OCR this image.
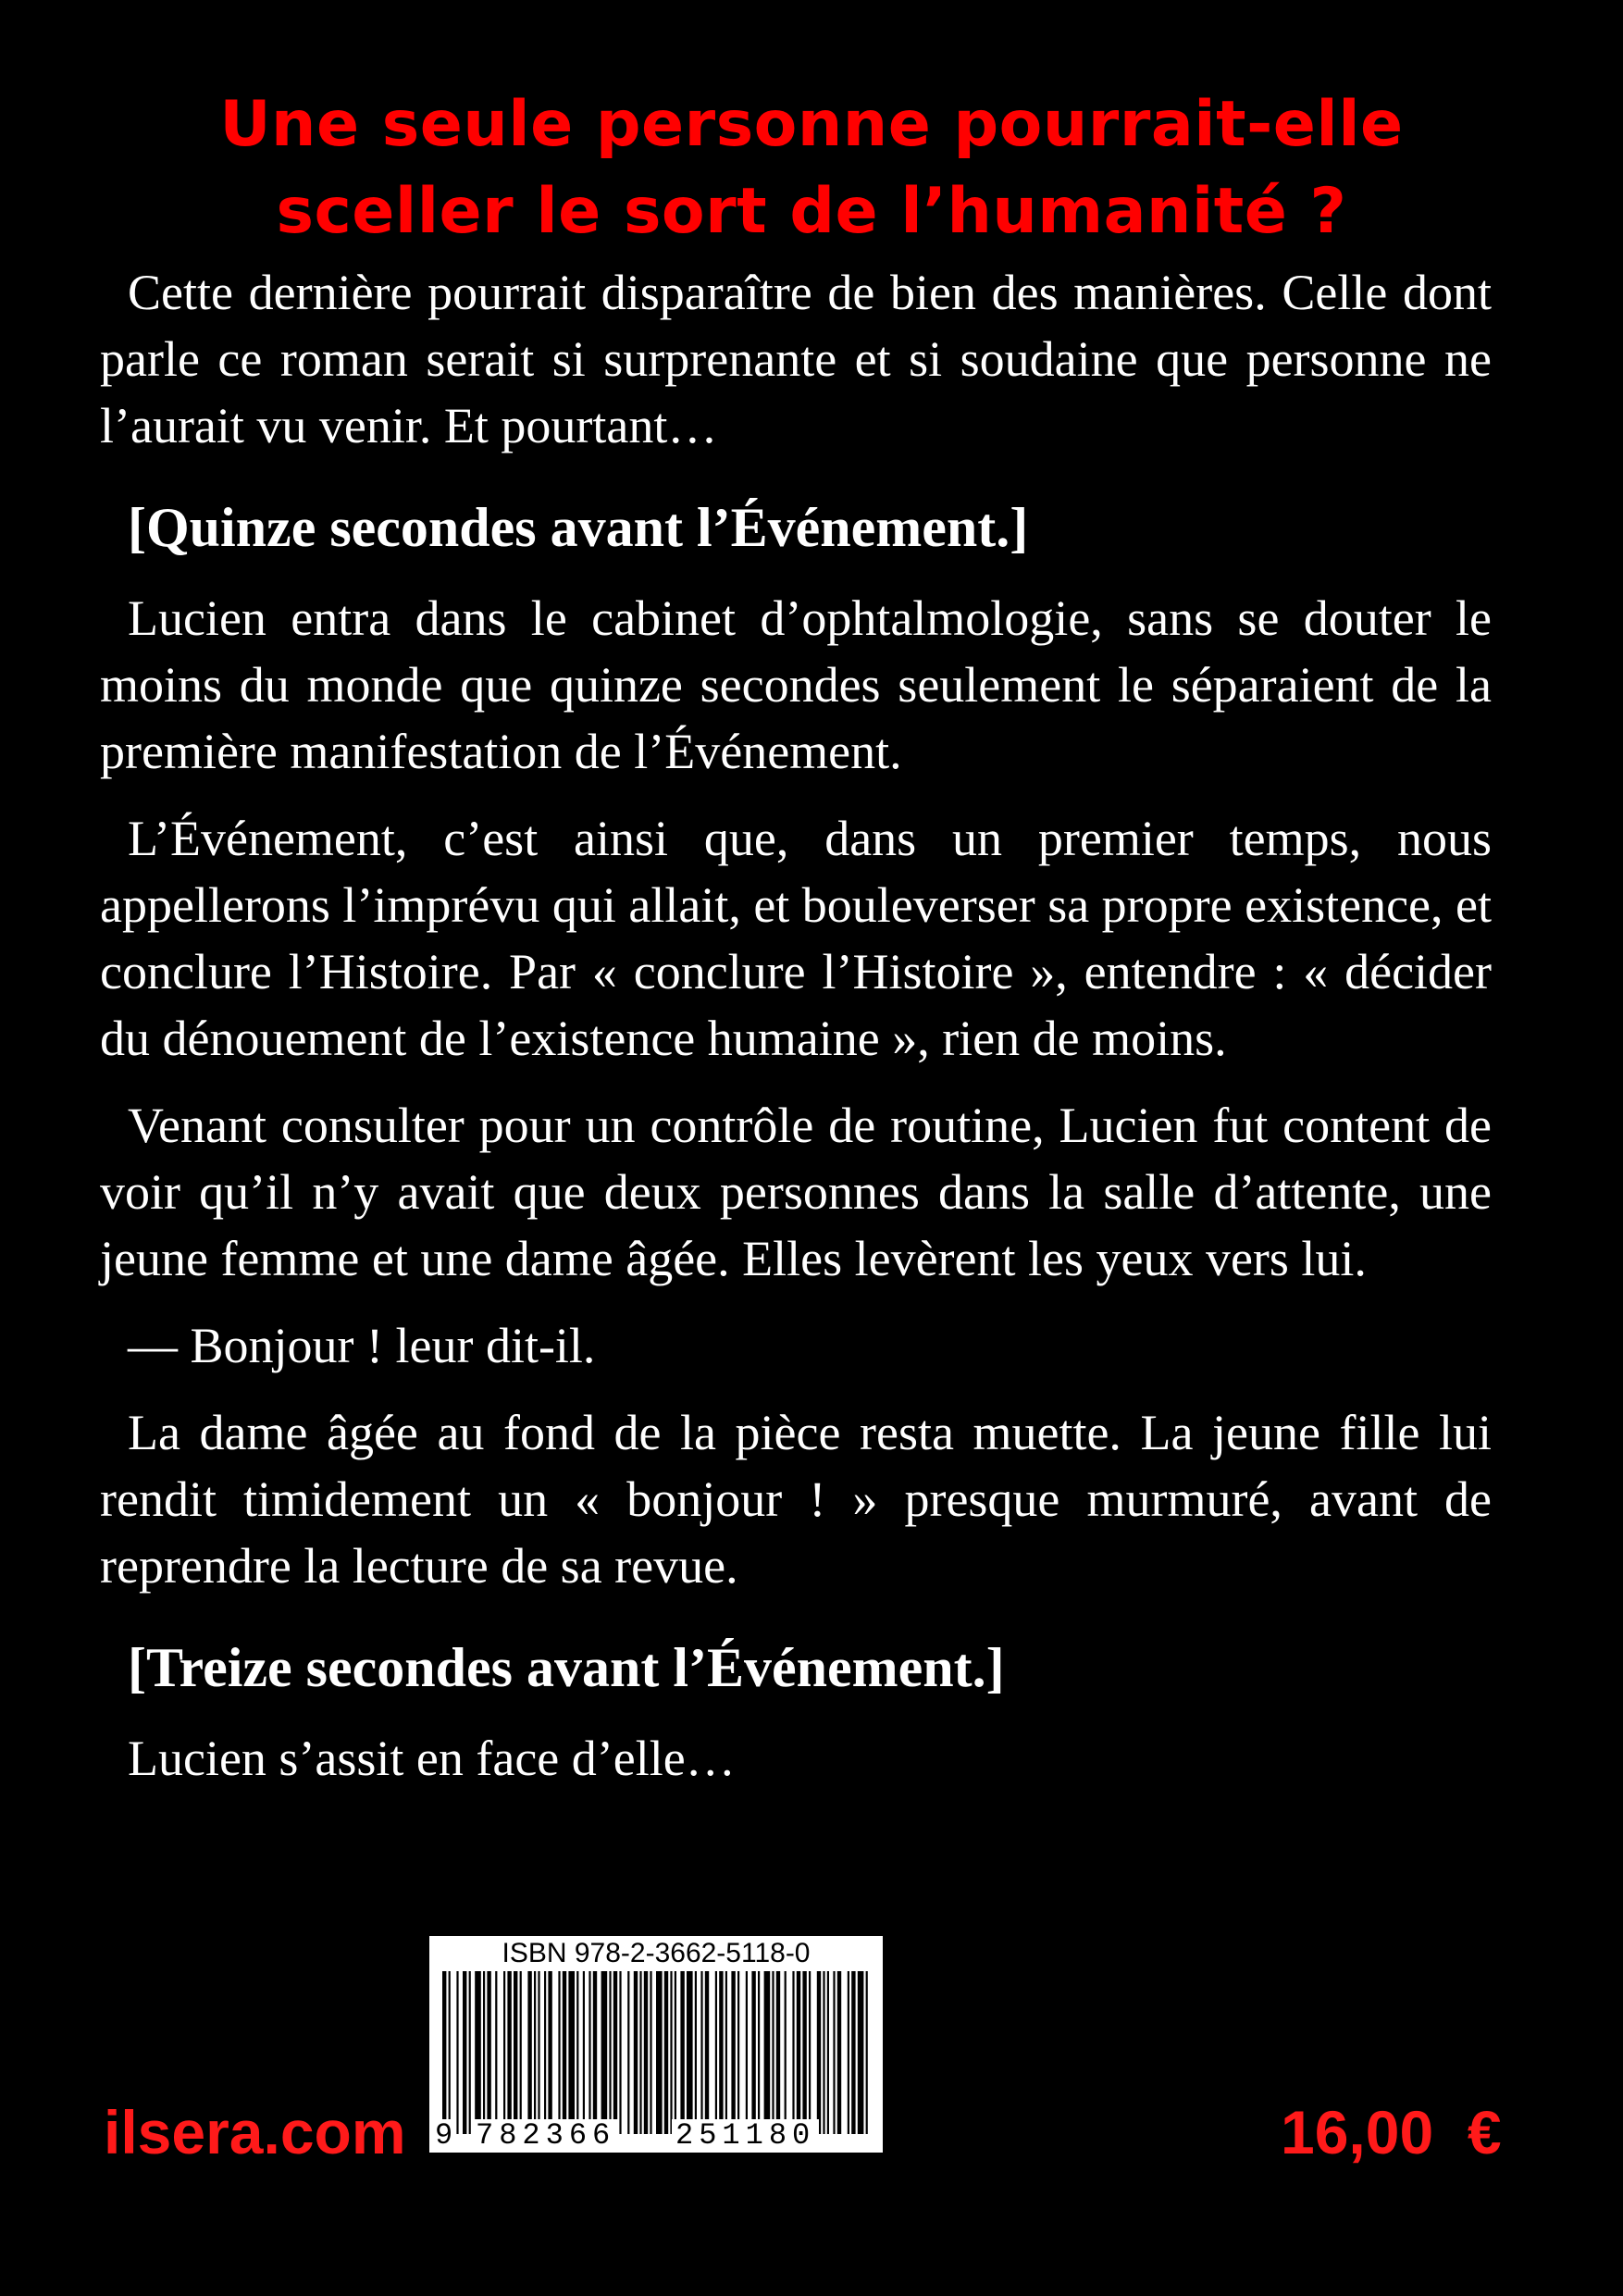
Une seule personne pourrait-elle
sceller le sort de l’humanité ?

Cette dernière pourrait disparaître de bien des manières. Celle dont parle ce roman serait si surprenante et si soudaine que personne ne l’aurait vu venir. Et pourtant…

[Quinze secondes avant l’Événement.]

Lucien entra dans le cabinet d’ophtalmologie, sans se douter le moins du monde que quinze secondes seulement le séparaient de la première manifestation de l’Événement.

L’Événement, c’est ainsi que, dans un premier temps, nous appellerons l’imprévu qui allait, et bouleverser sa propre existence, et conclure l’Histoire. Par « conclure l’Histoire », entendre : « décider du dénouement de l’existence humaine », rien de moins.

Venant consulter pour un contrôle de routine, Lucien fut content de voir qu’il n’y avait que deux personnes dans la salle d’attente, une jeune femme et une dame âgée. Elles levèrent les yeux vers lui.

— Bonjour ! leur dit-il.

La dame âgée au fond de la pièce resta muette. La jeune fille lui rendit timidement un « bonjour ! » presque murmuré, avant de reprendre la lecture de sa revue.

[Treize secondes avant l’Événement.]

Lucien s’assit en face d’elle…

ISBN 978-2-3662-5118-0
9 782366 251180
ilsera.com	16,00  €
